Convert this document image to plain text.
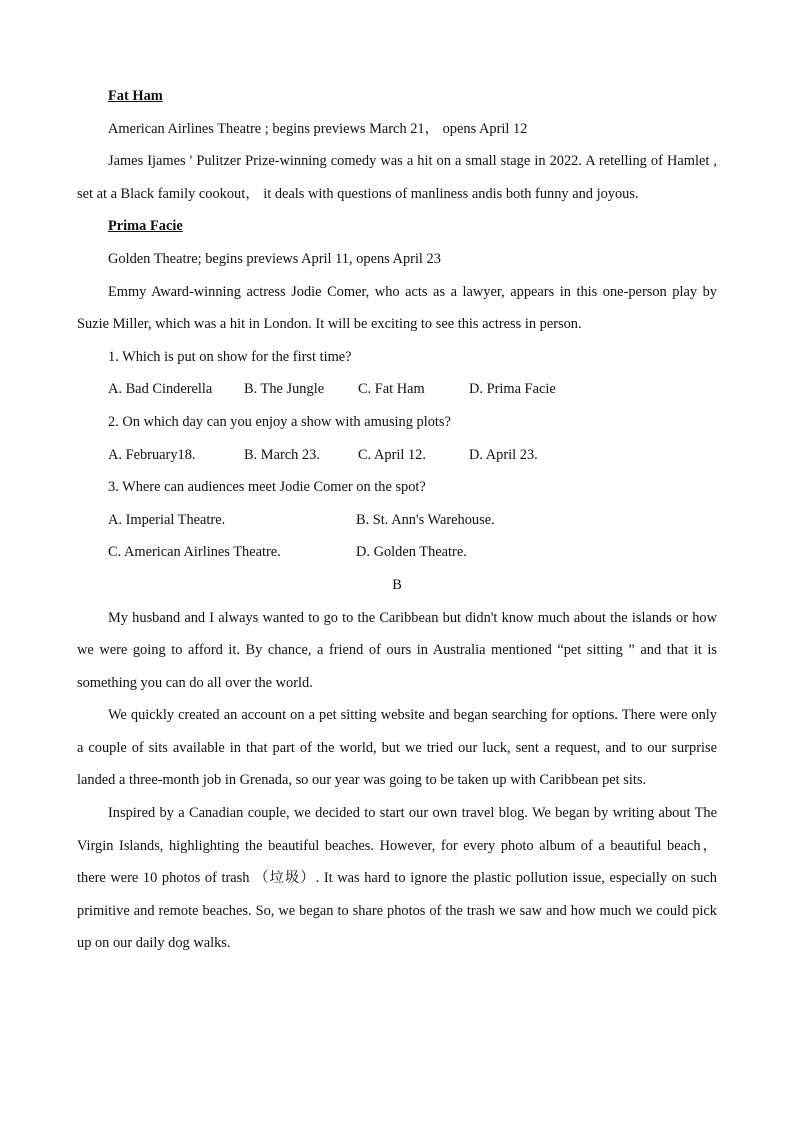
Fat Ham
American Airlines Theatre ; begins previews March 21， opens April 12
James Ijames ' Pulitzer Prize-winning comedy was a hit on a small stage in 2022. A retelling of Hamlet , set at a Black family cookout， it deals with questions of manliness andis both funny and joyous.
Prima Facie
Golden Theatre; begins previews April 11, opens April 23
Emmy Award-winning actress Jodie Comer, who acts as a lawyer, appears in this one-person play by Suzie Miller, which was a hit in London. It will be exciting to see this actress in person.
1. Which is put on show for the first time?
A. Bad Cinderella	B. The Jungle	C. Fat Ham	D. Prima Facie
2. On which day can you enjoy a show with amusing plots?
A. February18.	B. March 23.	C. April 12.	D. April 23.
3. Where can audiences meet Jodie Comer on the spot?
A. Imperial Theatre.	B. St. Ann's Warehouse.
C. American Airlines Theatre.	D. Golden Theatre.
B
My husband and I always wanted to go to the Caribbean but didn't know much about the islands or how we were going to afford it. By chance, a friend of ours in Australia mentioned “pet sitting ” and that it is something you can do all over the world.
We quickly created an account on a pet sitting website and began searching for options. There were only a couple of sits available in that part of the world, but we tried our luck, sent a request, and to our surprise landed a three-month job in Grenada, so our year was going to be taken up with Caribbean pet sits.
Inspired by a Canadian couple, we decided to start our own travel blog. We began by writing about The Virgin Islands, highlighting the beautiful beaches. However, for every photo album of a beautiful beach， there were 10 photos of trash （垃圾）. It was hard to ignore the plastic pollution issue, especially on such primitive and remote beaches. So, we began to share photos of the trash we saw and how much we could pick up on our daily dog walks.
